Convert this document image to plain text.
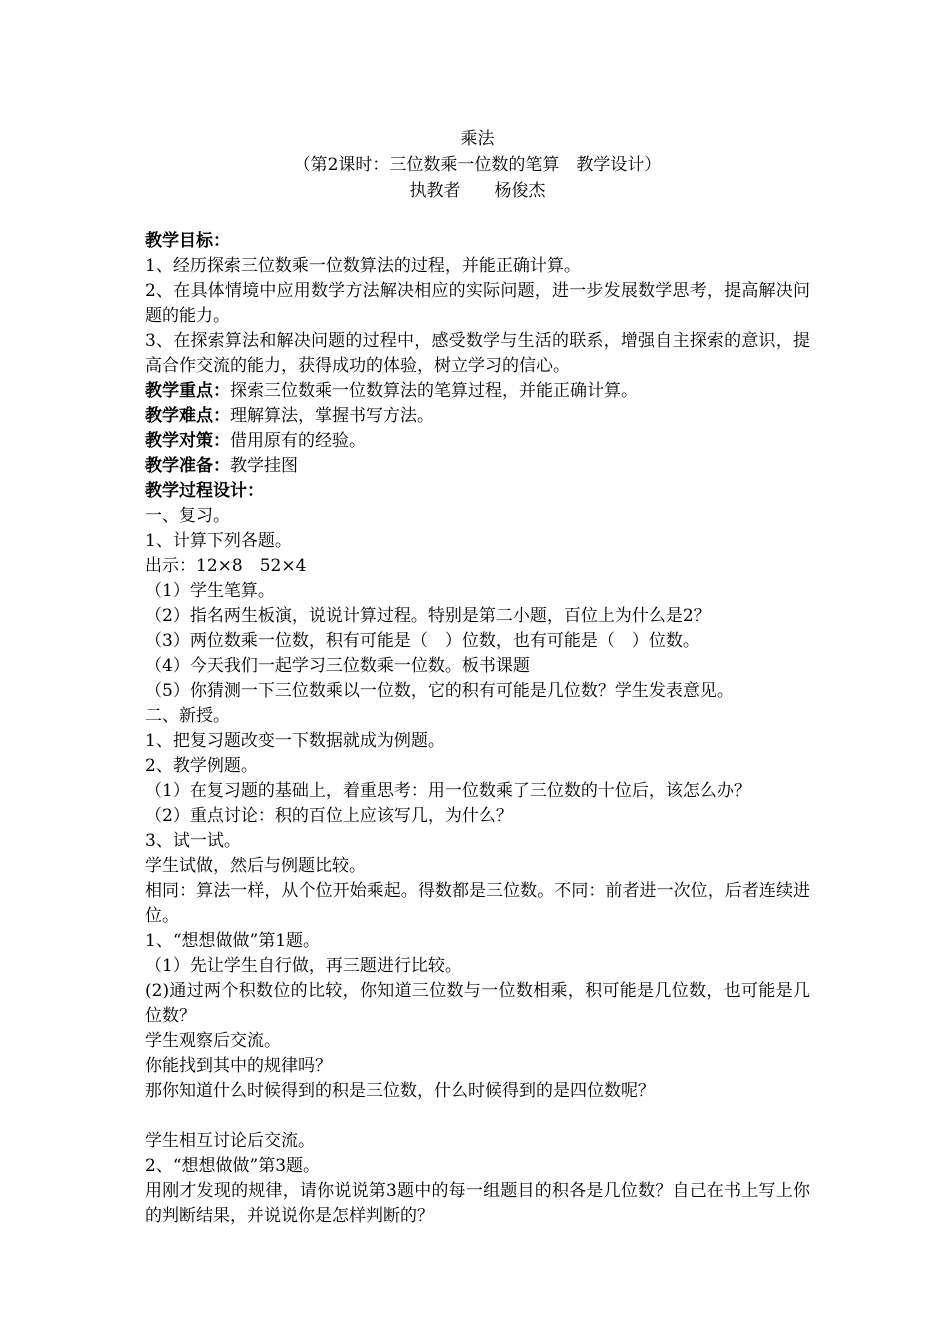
乘法
（第2课时：三位数乘一位数的笔算　教学设计）
执教者　　杨俊杰
教学目标：
1、经历探索三位数乘一位数算法的过程，并能正确计算。
2、在具体情境中应用数学方法解决相应的实际问题，进一步发展数学思考，提高解决问题的能力。
3、在探索算法和解决问题的过程中，感受数学与生活的联系，增强自主探索的意识，提高合作交流的能力，获得成功的体验，树立学习的信心。
教学重点：探索三位数乘一位数算法的笔算过程，并能正确计算。
教学难点：理解算法，掌握书写方法。
教学对策：借用原有的经验。
教学准备：教学挂图
教学过程设计：
一、复习。
1、计算下列各题。
出示：12×8　52×4
（1）学生笔算。
（2）指名两生板演，说说计算过程。特别是第二小题，百位上为什么是2？
（3）两位数乘一位数，积有可能是（　）位数，也有可能是（　）位数。
（4）今天我们一起学习三位数乘一位数。板书课题
（5）你猜测一下三位数乘以一位数，它的积有可能是几位数？学生发表意见。
二、新授。
1、把复习题改变一下数据就成为例题。
2、教学例题。
（1）在复习题的基础上，着重思考：用一位数乘了三位数的十位后，该怎么办？
（2）重点讨论：积的百位上应该写几，为什么？
3、试一试。
学生试做，然后与例题比较。
相同：算法一样，从个位开始乘起。得数都是三位数。不同：前者进一次位，后者连续进位。
1、“想想做做”第1题。
（1）先让学生自行做，再三题进行比较。
(2)通过两个积数位的比较，你知道三位数与一位数相乘，积可能是几位数，也可能是几位数？
学生观察后交流。
你能找到其中的规律吗？
那你知道什么时候得到的积是三位数，什么时候得到的是四位数呢？
学生相互讨论后交流。
2、“想想做做”第3题。
用刚才发现的规律，请你说说第3题中的每一组题目的积各是几位数？自己在书上写上你的判断结果，并说说你是怎样判断的？
